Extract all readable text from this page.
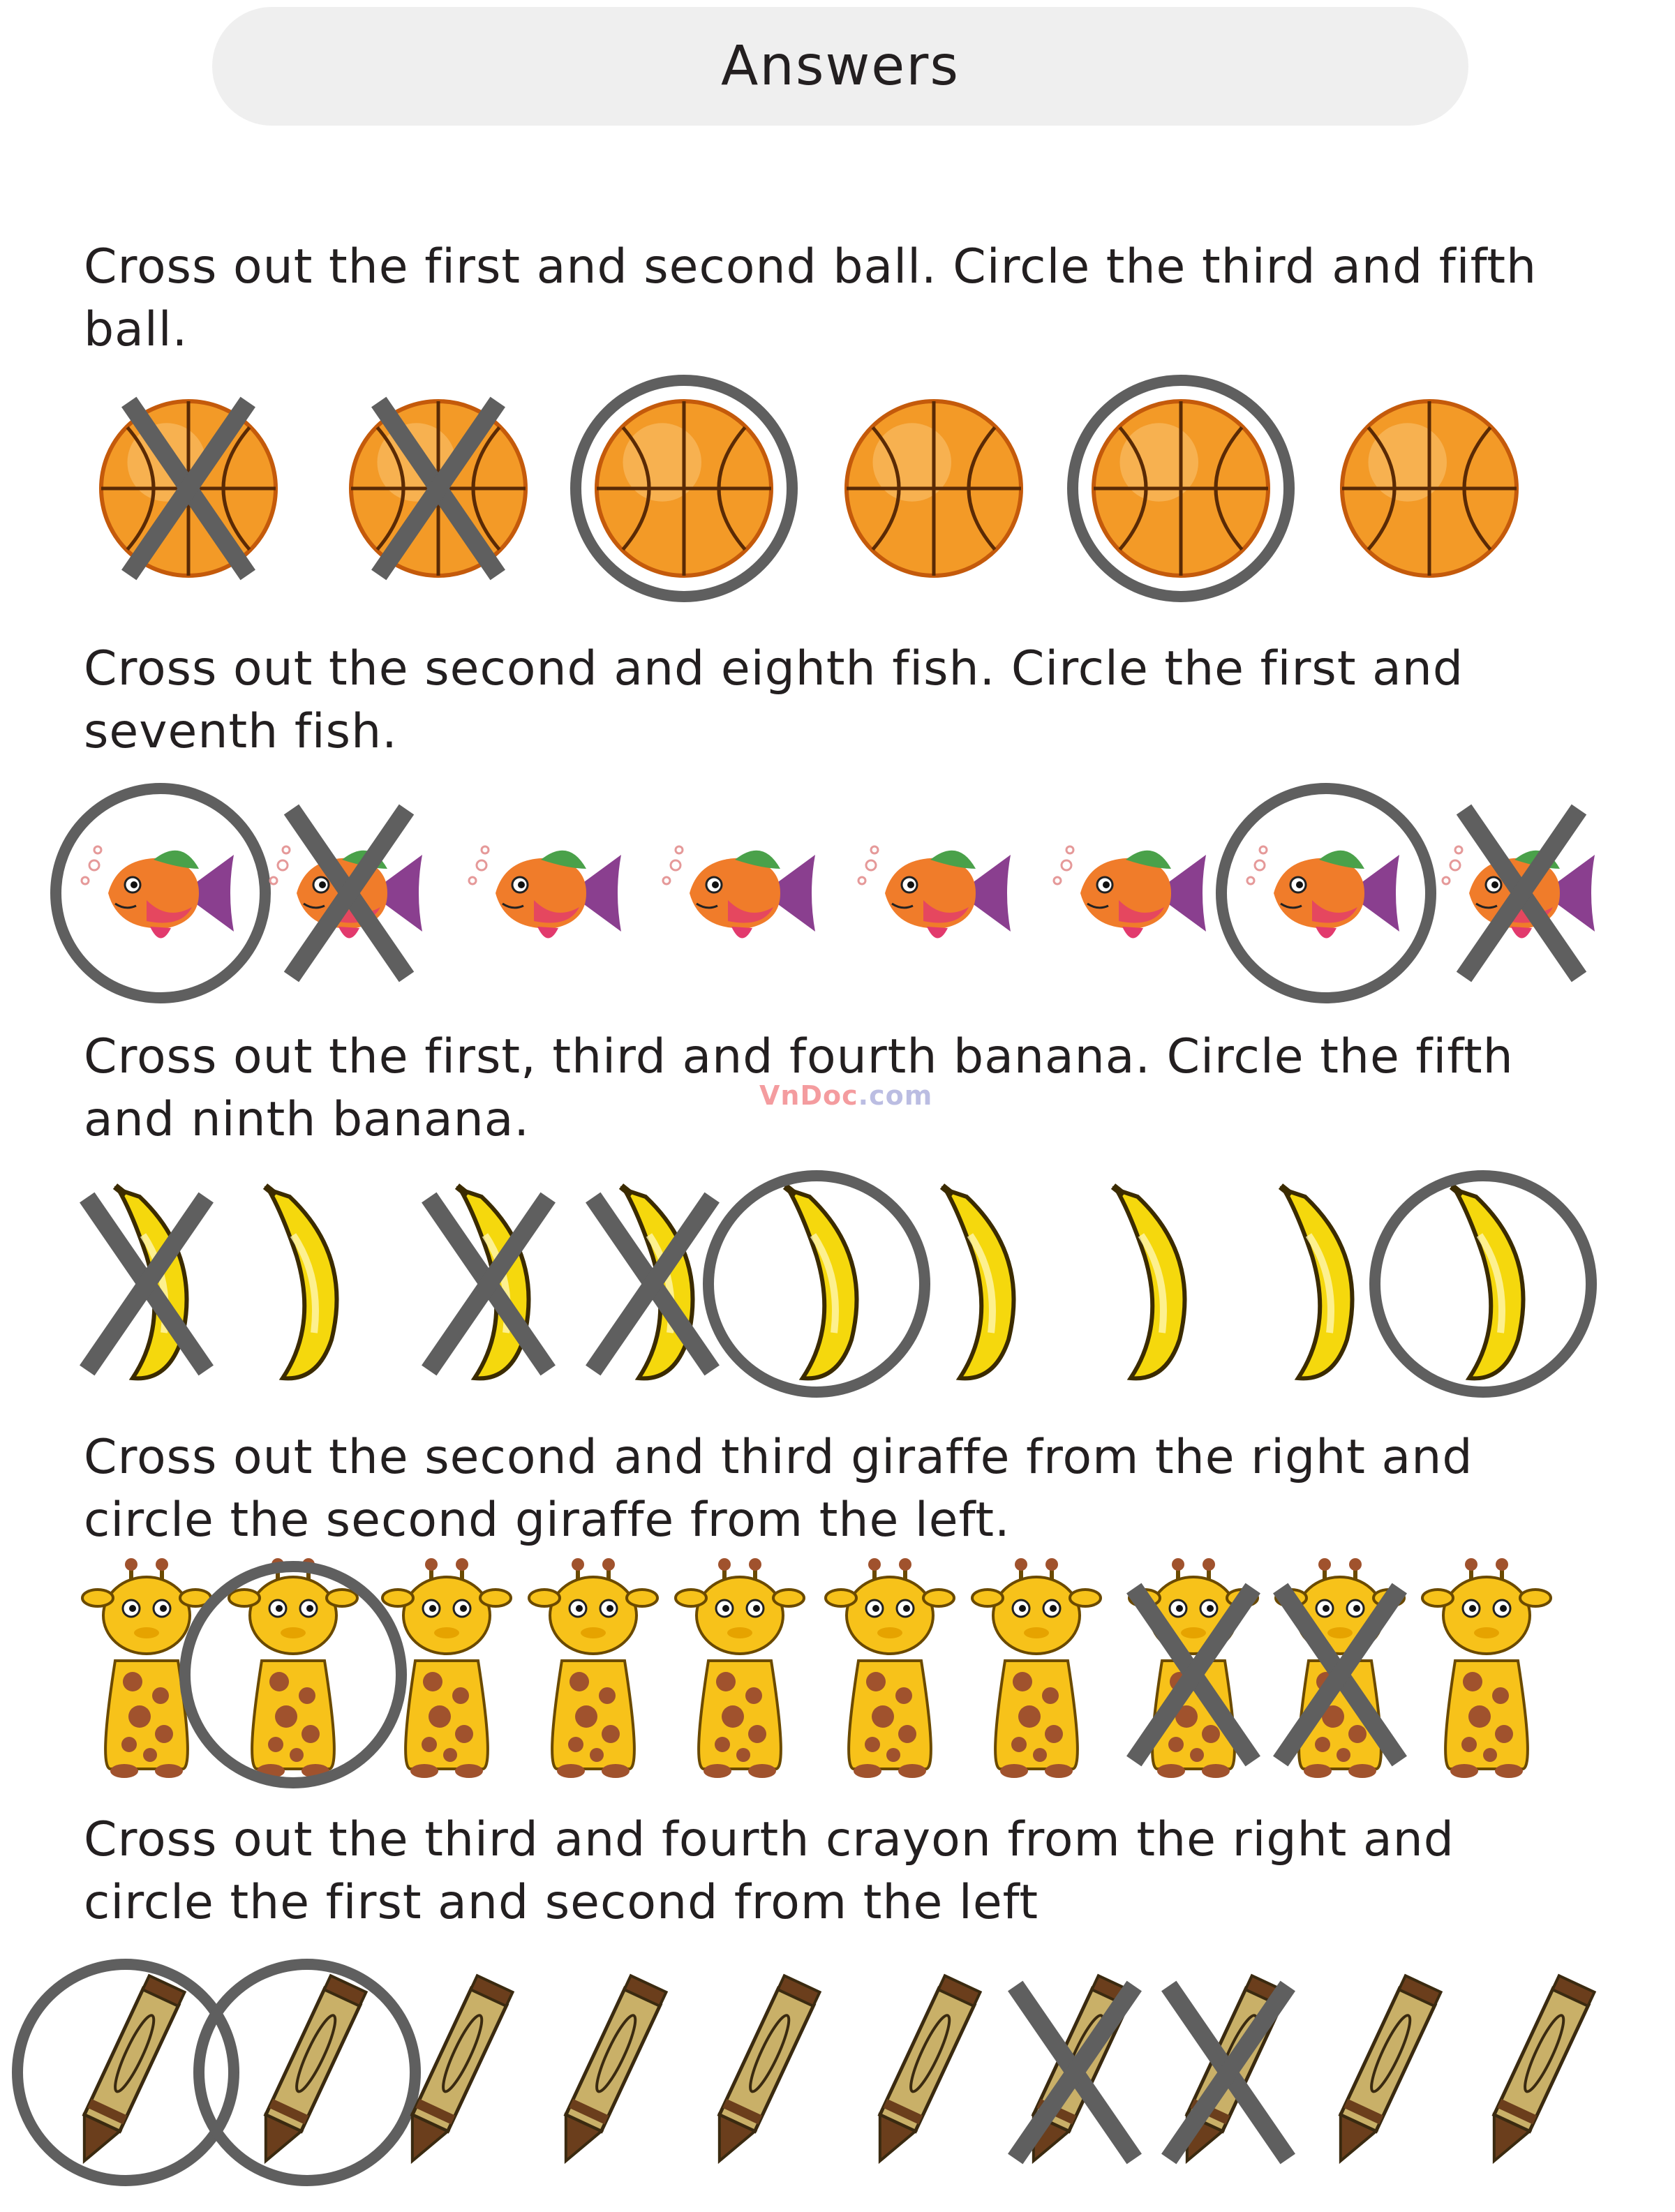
Answers

Cross out the first and second ball. Circle the third and fifth ball.

Cross out the second and eighth fish. Circle the first and seventh fish.

Cross out the first, third and fourth banana. Circle the fifth and ninth banana.	VnDoc.com

Cross out the second and third giraffe from the right and circle the second giraffe from the left.

Cross out the third and fourth crayon from the right and circle the first and second from the left
